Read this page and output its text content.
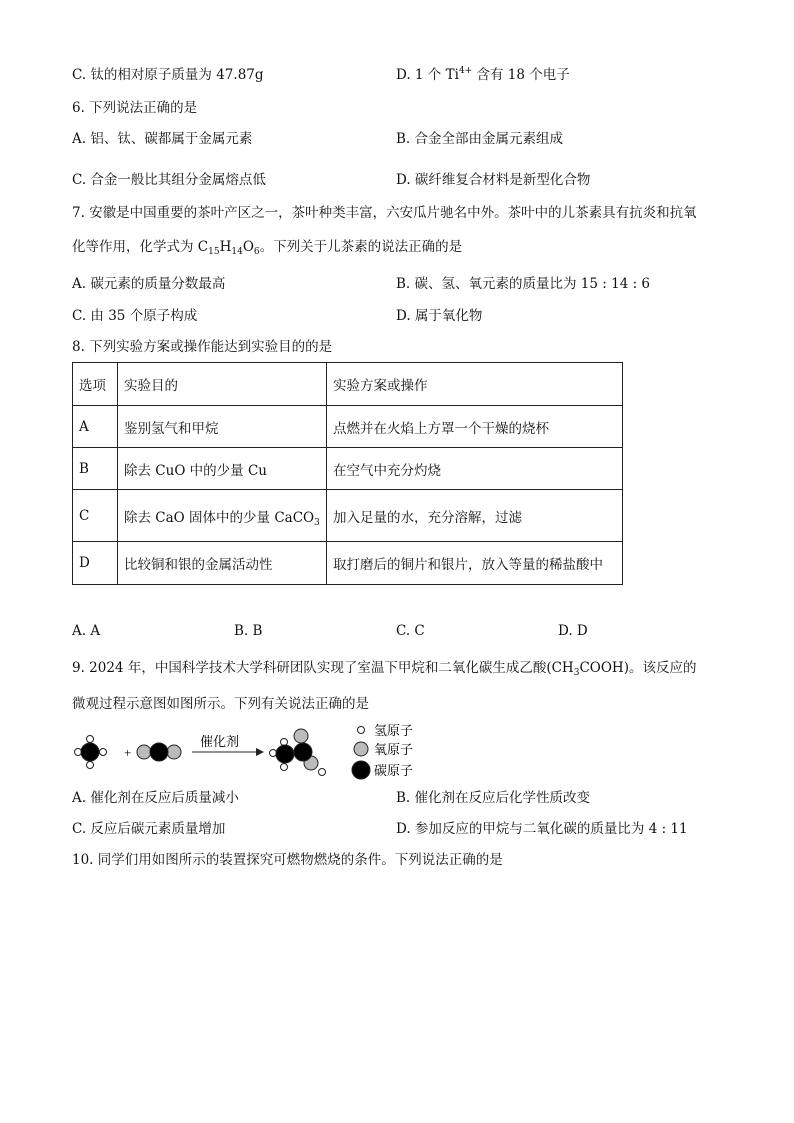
C. 钛的相对原子质量为 47.87g	D. 1 个 $Ti^{4+}$ 含有 18 个电子
6. 下列说法正确的是
A. 铝、钛、碳都属于金属元素	B. 合金全部由金属元素组成
C. 合金一般比其组分金属熔点低	D. 碳纤维复合材料是新型化合物
7. 安徽是中国重要的茶叶产区之一，茶叶种类丰富，六安瓜片驰名中外。茶叶中的儿茶素具有抗炎和抗氧
化等作用，化学式为 $C_{15}H_{14}O_6$。下列关于儿茶素的说法正确的是
A. 碳元素的质量分数最高	B. 碳、氢、氧元素的质量比为 15 : 14 : 6
C. 由 35 个原子构成	D. 属于氧化物
8. 下列实验方案或操作能达到实验目的的是
选项	实验目的	实验方案或操作
A	鉴别氢气和甲烷	点燃并在火焰上方罩一个干燥的烧杯
B	除去 CuO 中的少量 Cu	在空气中充分灼烧
C	除去 CaO 固体中的少量 CaCO$_3$	加入足量的水，充分溶解，过滤
D	比较铜和银的金属活动性	取打磨后的铜片和银片，放入等量的稀盐酸中
A. A	B. B	C. C	D. D
9. 2024 年，中国科学技术大学科研团队实现了室温下甲烷和二氧化碳生成乙酸$(CH_3COOH)$。该反应的
微观过程示意图如图所示。下列有关说法正确的是
+
催化剂
氢原子
氧原子
碳原子
A. 催化剂在反应后质量减小	B. 催化剂在反应后化学性质改变
C. 反应后碳元素质量增加	D. 参加反应的甲烷与二氧化碳的质量比为 4 : 11
10. 同学们用如图所示的装置探究可燃物燃烧的条件。下列说法正确的是
